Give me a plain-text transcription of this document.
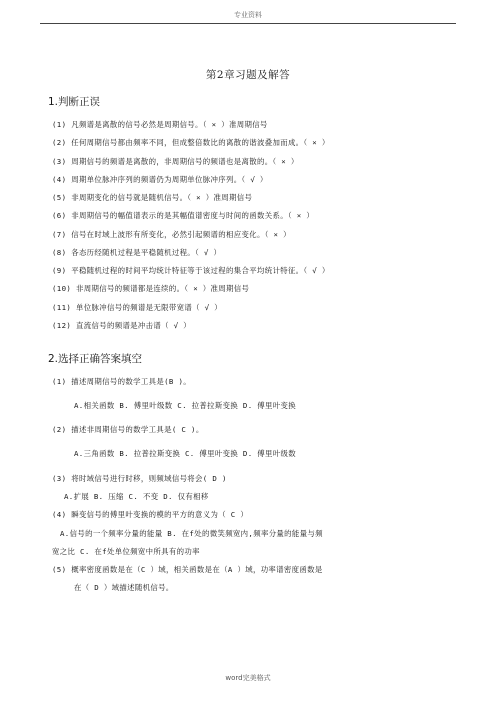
专业资料
第2章习题及解答
1.判断正误
(1) 凡频谱是离散的信号必然是周期信号。（ × ）准周期信号
(2) 任何周期信号都由频率不同，但成整倍数比的离散的谐波叠加而成。（ × ）
(3) 周期信号的频谱是离散的，非周期信号的频谱也是离散的。（ × ）
(4) 周期单位脉冲序列的频谱仍为周期单位脉冲序列。（ √ ）
(5) 非周期变化的信号就是随机信号。（ × ）准周期信号
(6) 非周期信号的幅值谱表示的是其幅值谱密度与时间的函数关系。（ × ）
(7) 信号在时域上波形有所变化，必然引起频谱的相应变化。（ × ）
(8) 各态历经随机过程是平稳随机过程。（ √ ）
(9) 平稳随机过程的时间平均统计特征等于该过程的集合平均统计特征。（ √ ）
(10) 非周期信号的频谱都是连续的。（ × ）准周期信号
(11) 单位脉冲信号的频谱是无限带宽谱（ √ ）
(12) 直流信号的频谱是冲击谱（ √ ）
2.选择正确答案填空
(1) 描述周期信号的数学工具是(B )。
A.相关函数 B. 傅里叶级数 C. 拉普拉斯变换 D. 傅里叶变换
(2) 描述非周期信号的数学工具是( C )。
A.三角函数 B. 拉普拉斯变换 C. 傅里叶变换 D. 傅里叶级数
(3) 将时域信号进行时移，则频域信号将会( D )
A.扩展 B. 压缩 C. 不变 D. 仅有相移
(4) 瞬变信号的傅里叶变换的模的平方的意义为（ C ）
A.信号的一个频率分量的能量 B. 在f处的微笑频宽内,频率分量的能量与频
宽之比 C. 在f处单位频宽中所具有的功率
(5) 概率密度函数是在（C ）域，相关函数是在（A ）域，功率谱密度函数是
在（ D ）域描述随机信号。
word完美格式
